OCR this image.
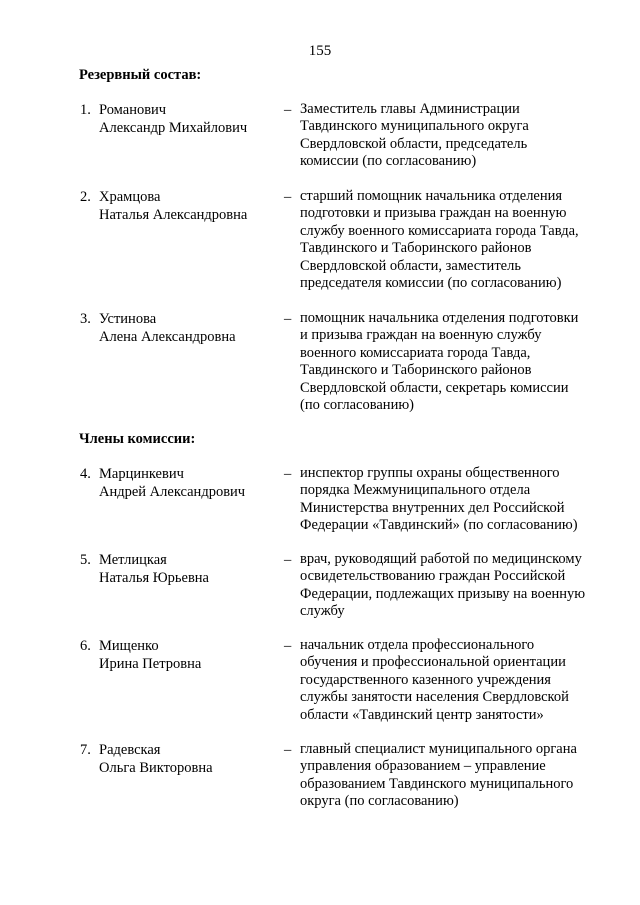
155
Резервный состав:
1. Романович
Александр Михайлович
– Заместитель главы Администрации
Тавдинского муниципального округа
Свердловской области, председатель
комиссии (по согласованию)
2. Храмцова
Наталья Александровна
– старший помощник начальника отделения
подготовки и призыва граждан на военную
службу военного комиссариата города Тавда,
Тавдинского и Таборинского районов
Свердловской области, заместитель
председателя комиссии (по согласованию)
3. Устинова
Алена Александровна
– помощник начальника отделения подготовки
и призыва граждан на военную службу
военного комиссариата города Тавда,
Тавдинского и Таборинского районов
Свердловской области, секретарь комиссии
(по согласованию)
Члены комиссии:
4. Марцинкевич
Андрей Александрович
– инспектор группы охраны общественного
порядка Межмуниципального отдела
Министерства внутренних дел Российской
Федерации «Тавдинский» (по согласованию)
5. Метлицкая
Наталья Юрьевна
– врач, руководящий работой по медицинскому
освидетельствованию граждан Российской
Федерации, подлежащих призыву на военную
службу
6. Мищенко
Ирина Петровна
– начальник отдела профессионального
обучения и профессиональной ориентации
государственного казенного учреждения
службы занятости населения Свердловской
области «Тавдинский центр занятости»
7. Радевская
Ольга Викторовна
– главный специалист муниципального органа
управления образованием – управление
образованием Тавдинского муниципального
округа (по согласованию)
